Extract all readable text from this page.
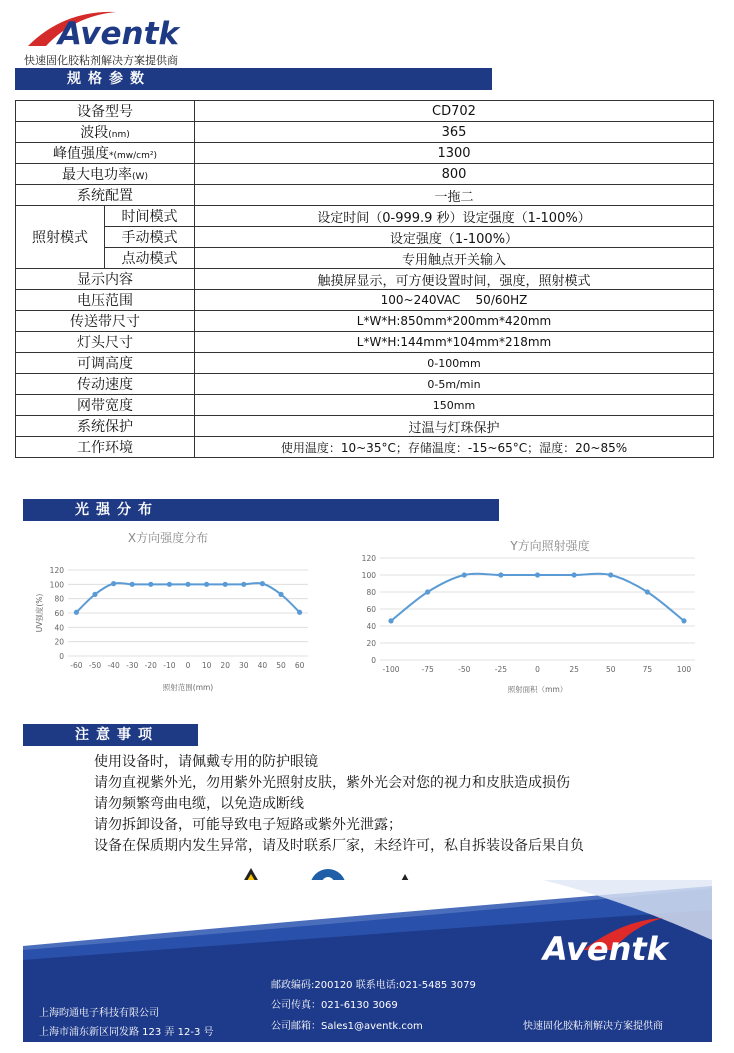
Aventk
快速固化胶粘剂解决方案提供商
规格参数
设备型号		CD702
波段(nm)		365
峰值强度*(mw/cm²)		1300
最大电功率(W)		800
系统配置		一拖二
照射模式	时间模式	设定时间（0-999.9 秒）设定强度（1-100%）
	手动模式	设定强度（1-100%）
	点动模式	专用触点开关输入
显示内容		触摸屏显示，可方便设置时间，强度，照射模式
电压范围		100~240VAC    50/60HZ
传送带尺寸		L*W*H:850mm*200mm*420mm
灯头尺寸		L*W*H:144mm*104mm*218mm
可调高度		0-100mm
传动速度		0-5m/min
网带宽度		150mm
系统保护		过温与灯珠保护
工作环境		使用温度：10~35°C；存储温度：-15~65°C；湿度：20~85%
光强分布
X方向强度分布
0
20
40
60
80
100
120
-60 -50 -40 -30 -20 -10 0 10 20 30 40 50 60
照射范围(mm)
UV强度(%)
Y方向照射强度
0
20
40
60
80
100
120
-100	-75	-50	-25	0	25	50	75	100
照射面积（mm）
注意事项
使用设备时，请佩戴专用的防护眼镜
请勿直视紫外光，勿用紫外光照射皮肤，紫外光会对您的视力和皮肤造成损伤
请勿频繁弯曲电缆，以免造成断线
请勿拆卸设备，可能导致电子短路或紫外光泄露；
设备在保质期内发生异常，请及时联系厂家，未经许可，私自拆装设备后果自负
Aventk
邮政编码:200120 联系电话:021-5485 3079
公司传真：021-6130 3069
公司邮箱：Sales1@aventk.com
上海昀通电子科技有限公司
上海市浦东新区同发路 123 弄 12-3 号
快速固化胶粘剂解决方案提供商
